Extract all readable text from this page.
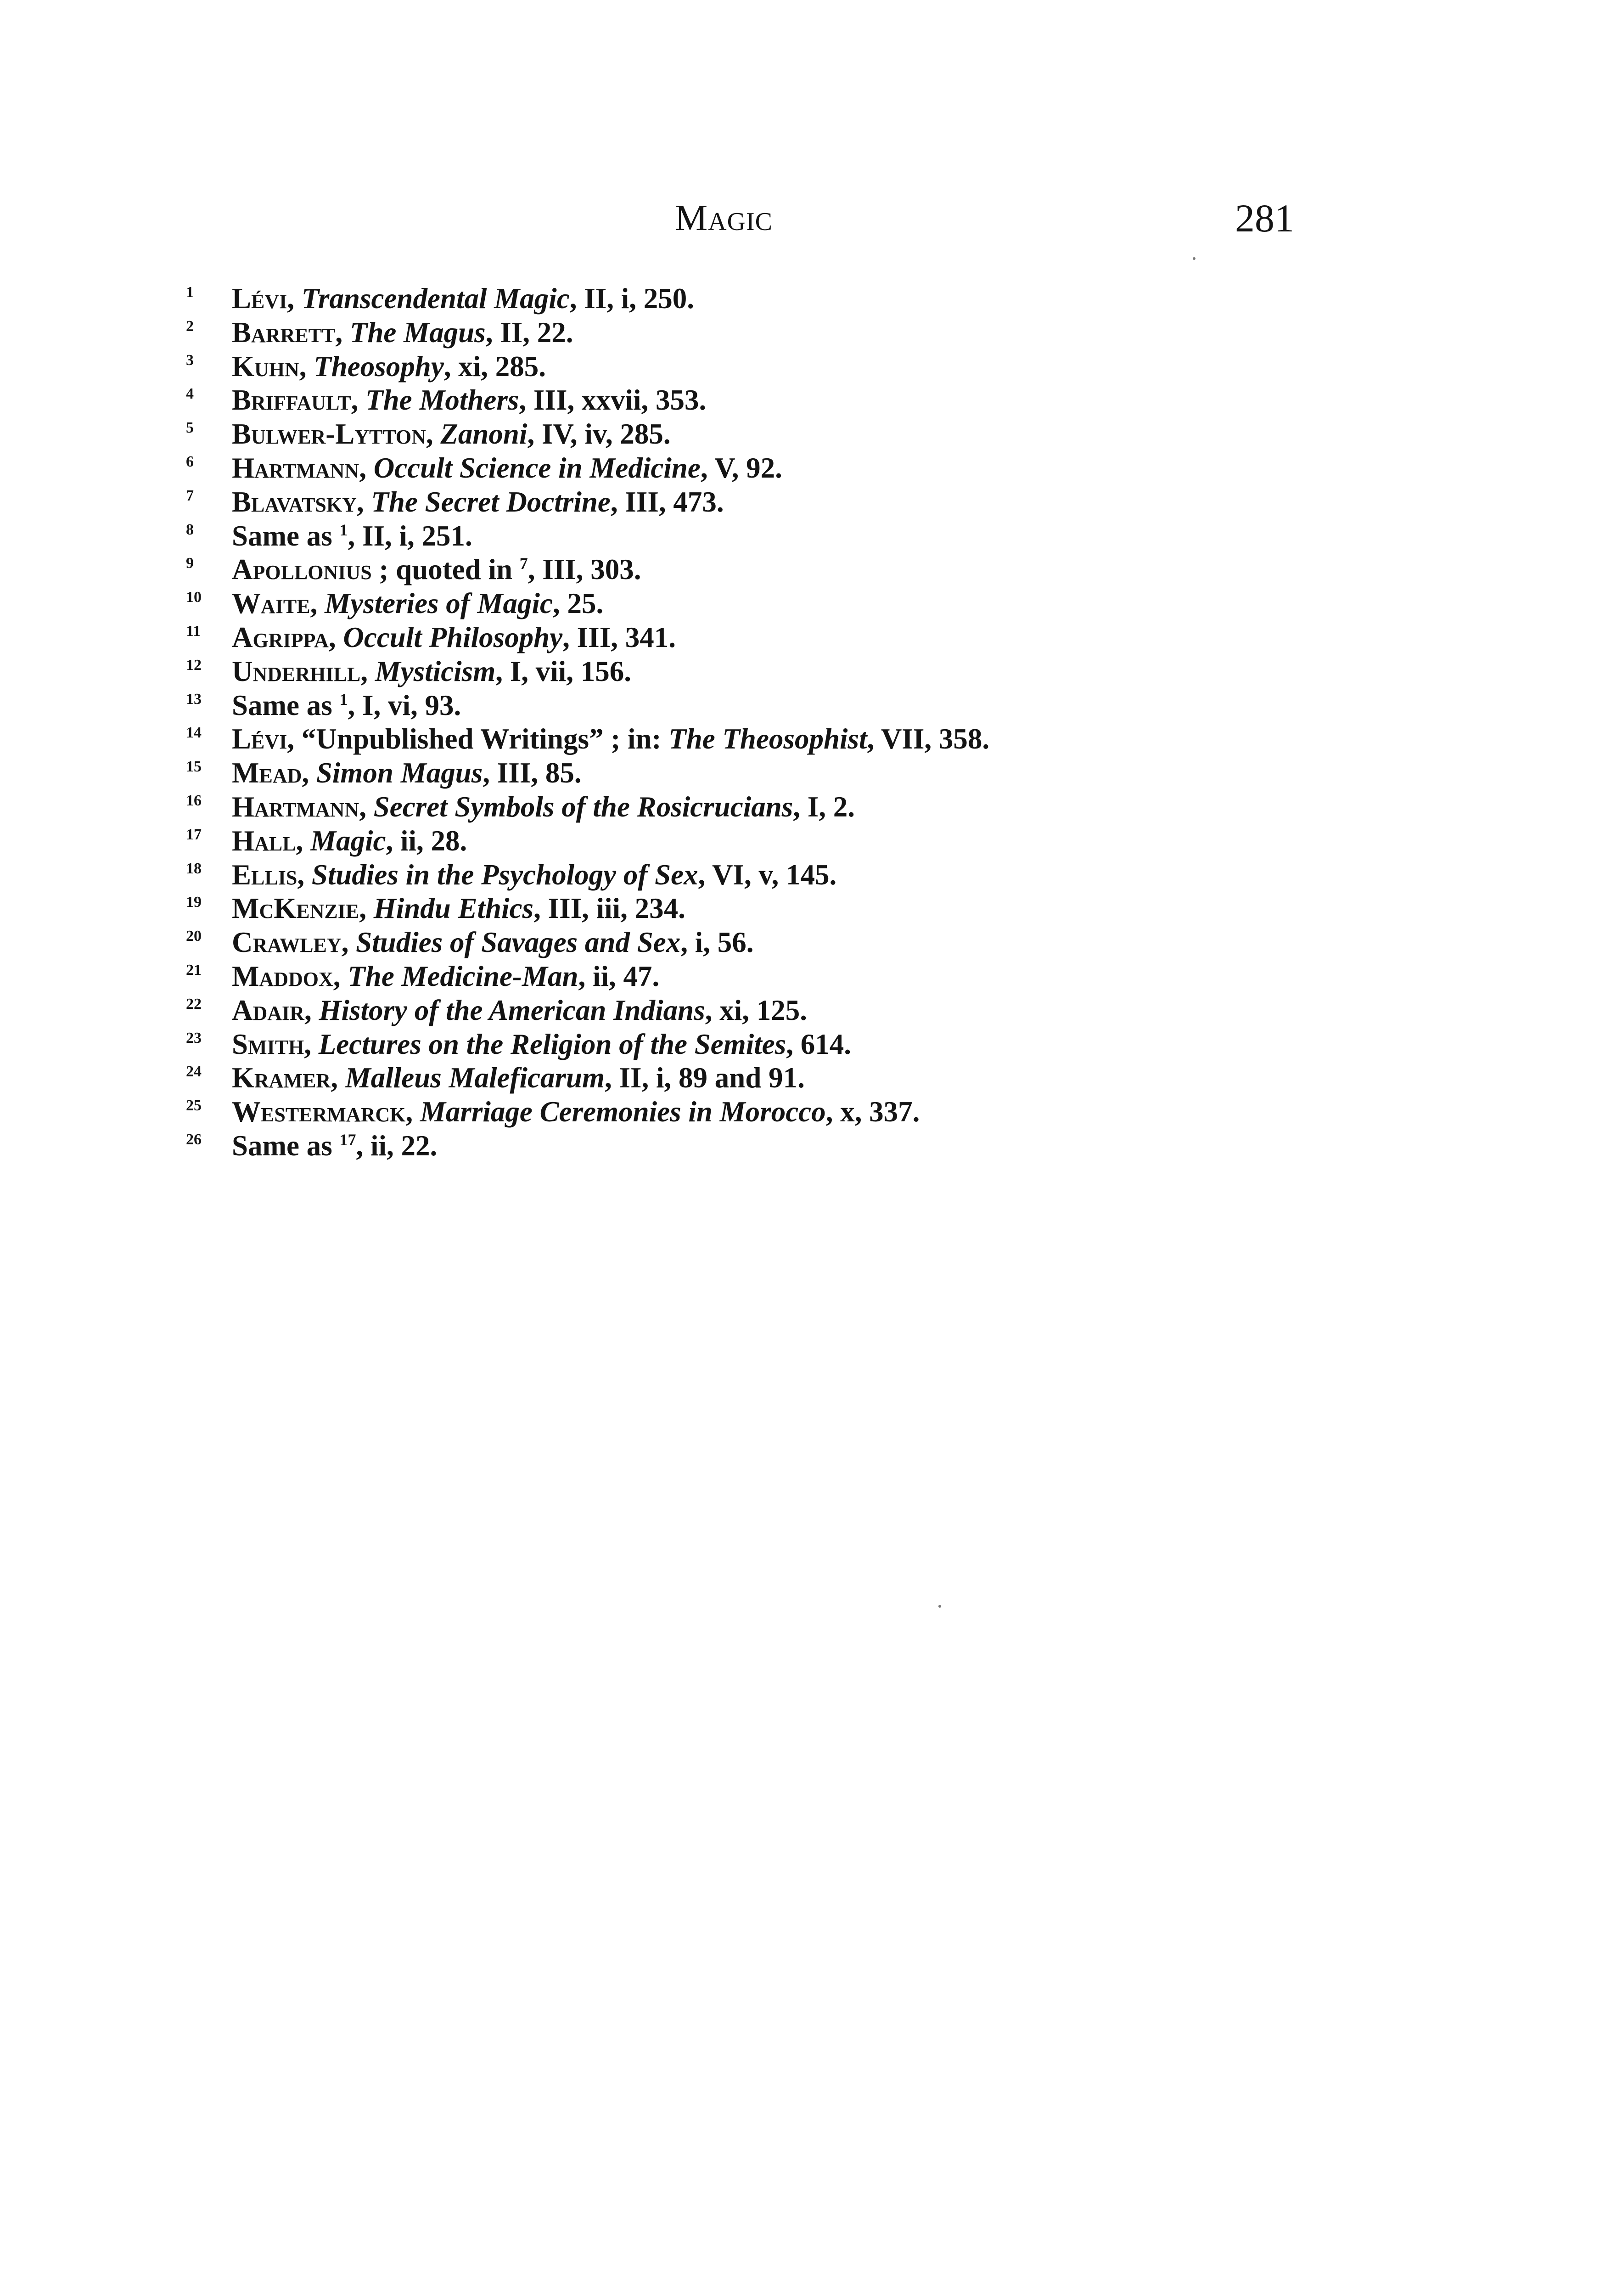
Magic	281
1	Lévi, Transcendental Magic, II, i, 250.
2	Barrett, The Magus, II, 22.
3	Kuhn, Theosophy, xi, 285.
4	Briffault, The Mothers, III, xxvii, 353.
5	Bulwer-Lytton, Zanoni, IV, iv, 285.
6	Hartmann, Occult Science in Medicine, V, 92.
7	Blavatsky, The Secret Doctrine, III, 473.
8	Same as $^1$, II, i, 251.
9	Apollonius ; quoted in $^7$, III, 303.
10	Waite, Mysteries of Magic, 25.
11	Agrippa, Occult Philosophy, III, 341.
12	Underhill, Mysticism, I, vii, 156.
13	Same as $^1$, I, vi, 93.
14	Lévi, “Unpublished Writings” ; in: The Theosophist, VII, 358.
15	Mead, Simon Magus, III, 85.
16	Hartmann, Secret Symbols of the Rosicrucians, I, 2.
17	Hall, Magic, ii, 28.
18	Ellis, Studies in the Psychology of Sex, VI, v, 145.
19	McKenzie, Hindu Ethics, III, iii, 234.
20	Crawley, Studies of Savages and Sex, i, 56.
21	Maddox, The Medicine-Man, ii, 47.
22	Adair, History of the American Indians, xi, 125.
23	Smith, Lectures on the Religion of the Semites, 614.
24	Kramer, Malleus Maleficarum, II, i, 89 and 91.
25	Westermarck, Marriage Ceremonies in Morocco, x, 337.
26	Same as $^{17}$, ii, 22.
